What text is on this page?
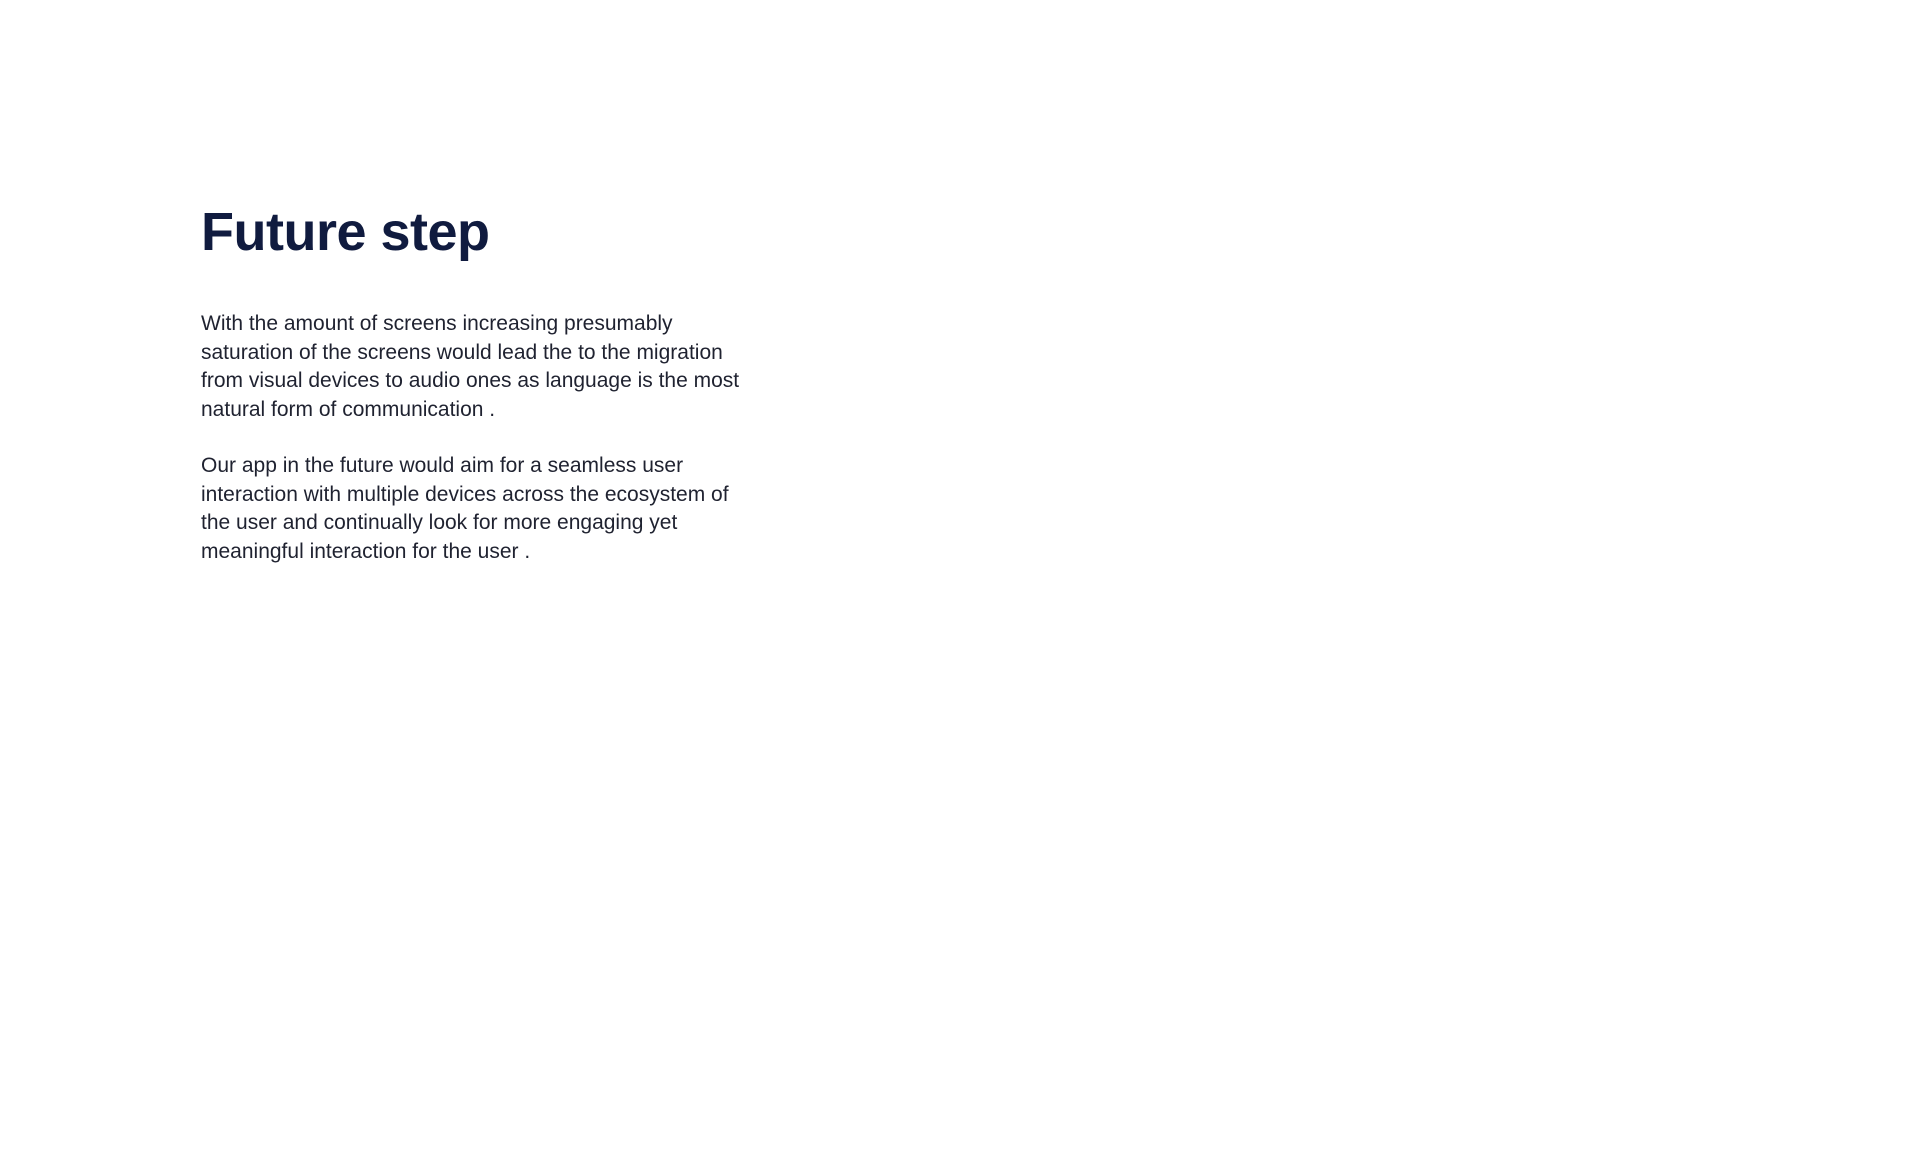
Future step

With the amount of screens increasing presumably
saturation of the screens would lead the to the migration
from visual devices to audio ones as language is the most
natural form of communication .

Our app in the future would aim for a seamless user
interaction with multiple devices across the ecosystem of
the user and continually look for more engaging yet
meaningful interaction for the user .
